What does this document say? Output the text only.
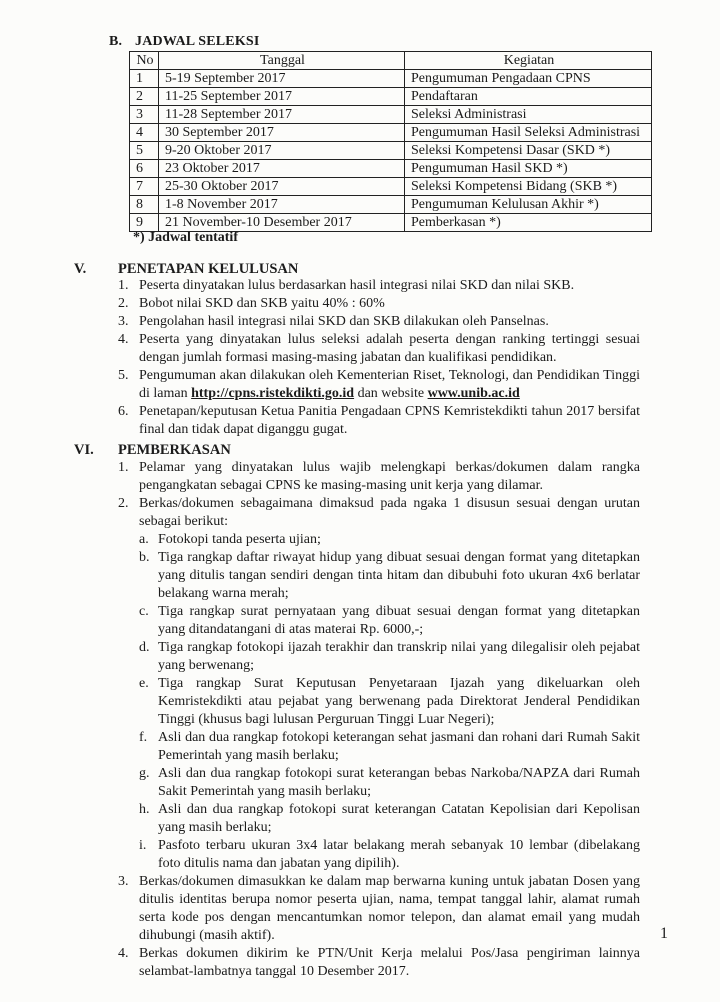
B. JADWAL SELEKSI
No	Tanggal	Kegiatan
1	5-19 September 2017	Pengumuman Pengadaan CPNS
2	11-25 September 2017	Pendaftaran
3	11-28 September 2017	Seleksi Administrasi
4	30 September 2017	Pengumuman Hasil Seleksi Administrasi
5	9-20 Oktober 2017	Seleksi Kompetensi Dasar (SKD *)
6	23 Oktober 2017	Pengumuman Hasil SKD *)
7	25-30 Oktober 2017	Seleksi Kompetensi Bidang (SKB *)
8	1-8 November 2017	Pengumuman Kelulusan Akhir *)
9	21 November-10 Desember 2017	Pemberkasan *)
*) Jadwal tentatif
V. PENETAPAN KELULUSAN
1. Peserta dinyatakan lulus berdasarkan hasil integrasi nilai SKD dan nilai SKB.
2. Bobot nilai SKD dan SKB yaitu 40% : 60%
3. Pengolahan hasil integrasi nilai SKD dan SKB dilakukan oleh Panselnas.
4. Peserta yang dinyatakan lulus seleksi adalah peserta dengan ranking tertinggi sesuai dengan jumlah formasi masing-masing jabatan dan kualifikasi pendidikan.
5. Pengumuman akan dilakukan oleh Kementerian Riset, Teknologi, dan Pendidikan Tinggi di laman http://cpns.ristekdikti.go.id dan website www.unib.ac.id
6. Penetapan/keputusan Ketua Panitia Pengadaan CPNS Kemristekdikti tahun 2017 bersifat final dan tidak dapat diganggu gugat.
VI. PEMBERKASAN
1. Pelamar yang dinyatakan lulus wajib melengkapi berkas/dokumen dalam rangka pengangkatan sebagai CPNS ke masing-masing unit kerja yang dilamar.
2. Berkas/dokumen sebagaimana dimaksud pada ngaka 1 disusun sesuai dengan urutan sebagai berikut:
a. Fotokopi tanda peserta ujian;
b. Tiga rangkap daftar riwayat hidup yang dibuat sesuai dengan format yang ditetapkan yang ditulis tangan sendiri dengan tinta hitam dan dibubuhi foto ukuran 4x6 berlatar belakang warna merah;
c. Tiga rangkap surat pernyataan yang dibuat sesuai dengan format yang ditetapkan yang ditandatangani di atas materai Rp. 6000,-;
d. Tiga rangkap fotokopi ijazah terakhir dan transkrip nilai yang dilegalisir oleh pejabat yang berwenang;
e. Tiga rangkap Surat Keputusan Penyetaraan Ijazah yang dikeluarkan oleh Kemristekdikti atau pejabat yang berwenang pada Direktorat Jenderal Pendidikan Tinggi (khusus bagi lulusan Perguruan Tinggi Luar Negeri);
f. Asli dan dua rangkap fotokopi keterangan sehat jasmani dan rohani dari Rumah Sakit Pemerintah yang masih berlaku;
g. Asli dan dua rangkap fotokopi surat keterangan bebas Narkoba/NAPZA dari Rumah Sakit Pemerintah yang masih berlaku;
h. Asli dan dua rangkap fotokopi surat keterangan Catatan Kepolisian dari Kepolisan yang masih berlaku;
i. Pasfoto terbaru ukuran 3x4 latar belakang merah sebanyak 10 lembar (dibelakang foto ditulis nama dan jabatan yang dipilih).
3. Berkas/dokumen dimasukkan ke dalam map berwarna kuning untuk jabatan Dosen yang ditulis identitas berupa nomor peserta ujian, nama, tempat tanggal lahir, alamat rumah serta kode pos dengan mencantumkan nomor telepon, dan alamat email yang mudah dihubungi (masih aktif).
4. Berkas dokumen dikirim ke PTN/Unit Kerja melalui Pos/Jasa pengiriman lainnya selambat-lambatnya tanggal 10 Desember 2017.
1
